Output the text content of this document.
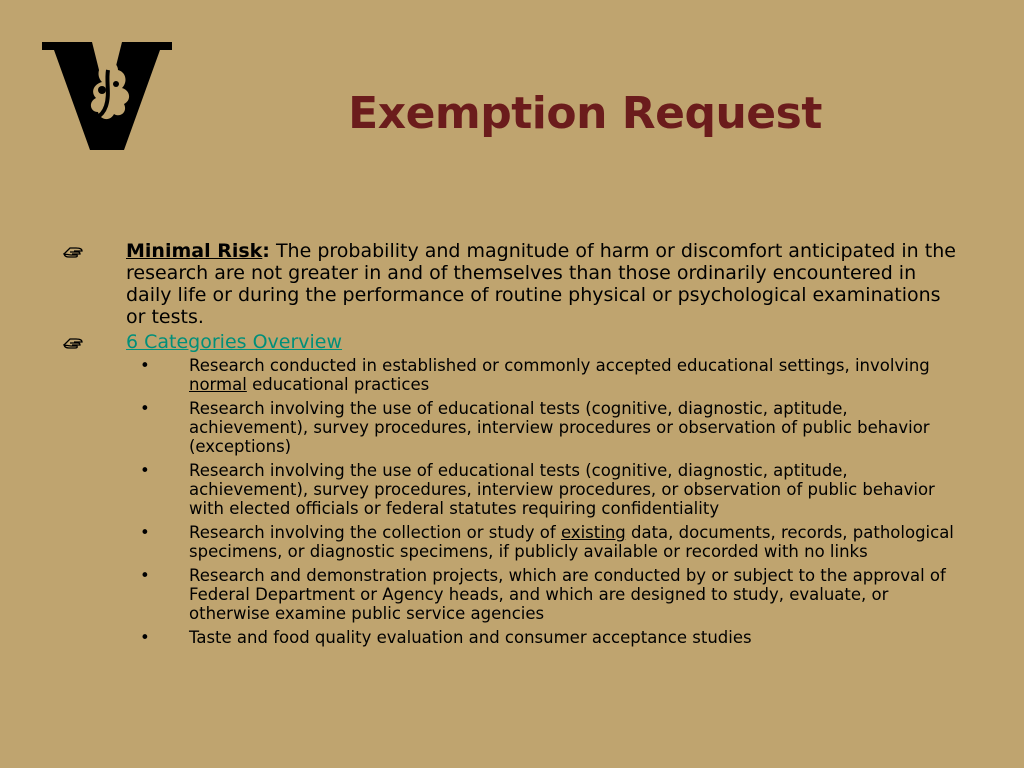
Exemption Request
Minimal Risk: The probability and magnitude of harm or discomfort anticipated in the research are not greater in and of themselves than those ordinarily encountered in daily life or during the performance of routine physical or psychological examinations or tests.
6 Categories Overview
• Research conducted in established or commonly accepted educational settings, involving normal educational practices
• Research involving the use of educational tests (cognitive, diagnostic, aptitude, achievement), survey procedures, interview procedures or observation of public behavior (exceptions)
• Research involving the use of educational tests (cognitive, diagnostic, aptitude, achievement), survey procedures, interview procedures, or observation of public behavior with elected officials or federal statutes requiring confidentiality
• Research involving the collection or study of existing data, documents, records, pathological specimens, or diagnostic specimens, if publicly available or recorded with no links
• Research and demonstration projects, which are conducted by or subject to the approval of Federal Department or Agency heads, and which are designed to study, evaluate, or otherwise examine public service agencies
• Taste and food quality evaluation and consumer acceptance studies
